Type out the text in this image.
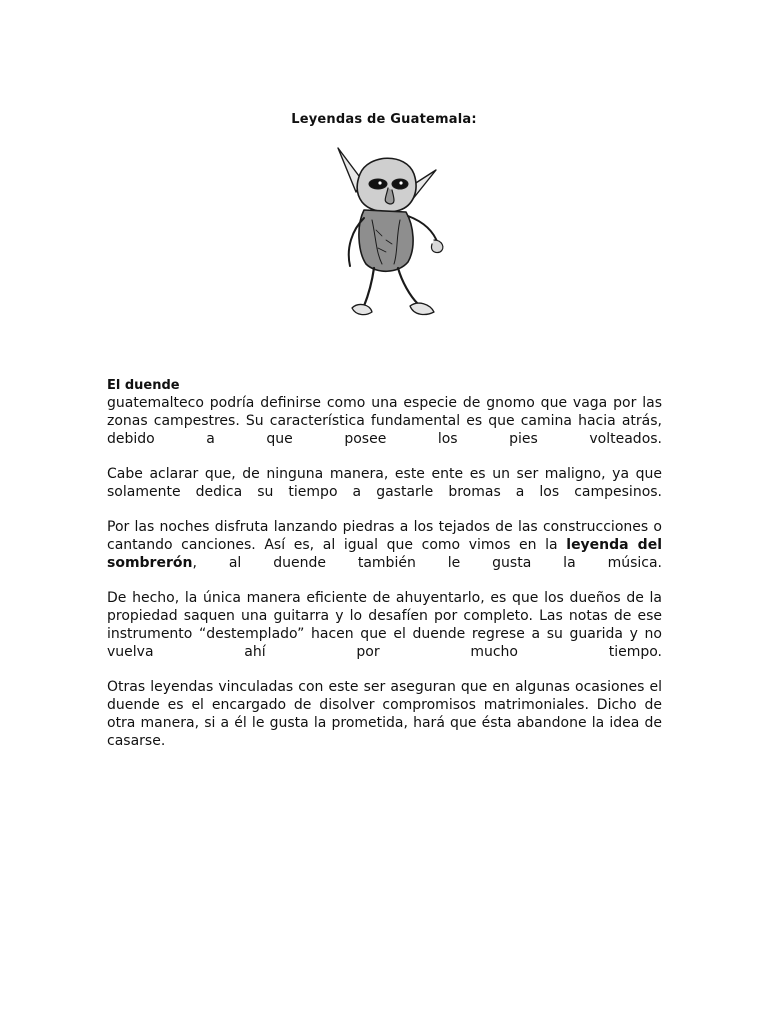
Leyendas de Guatemala:

El duende

guatemalteco podría definirse como una especie de gnomo que vaga por las zonas campestres. Su característica fundamental es que camina hacia atrás, debido a que posee los pies volteados.

Cabe aclarar que, de ninguna manera, este ente es un ser maligno, ya que solamente dedica su tiempo a gastarle bromas a los campesinos.

Por las noches disfruta lanzando piedras a los tejados de las construcciones o cantando canciones. Así es, al igual que como vimos en la leyenda del sombrerón, al duende también le gusta la música.

De hecho, la única manera eficiente de ahuyentarlo, es que los dueños de la propiedad saquen una guitarra y lo desafíen por completo. Las notas de ese instrumento “destemplado” hacen que el duende regrese a su guarida y no vuelva ahí por mucho tiempo.

Otras leyendas vinculadas con este ser aseguran que en algunas ocasiones el duende es el encargado de disolver compromisos matrimoniales. Dicho de otra manera, si a él le gusta la prometida, hará que ésta abandone la idea de casarse.
